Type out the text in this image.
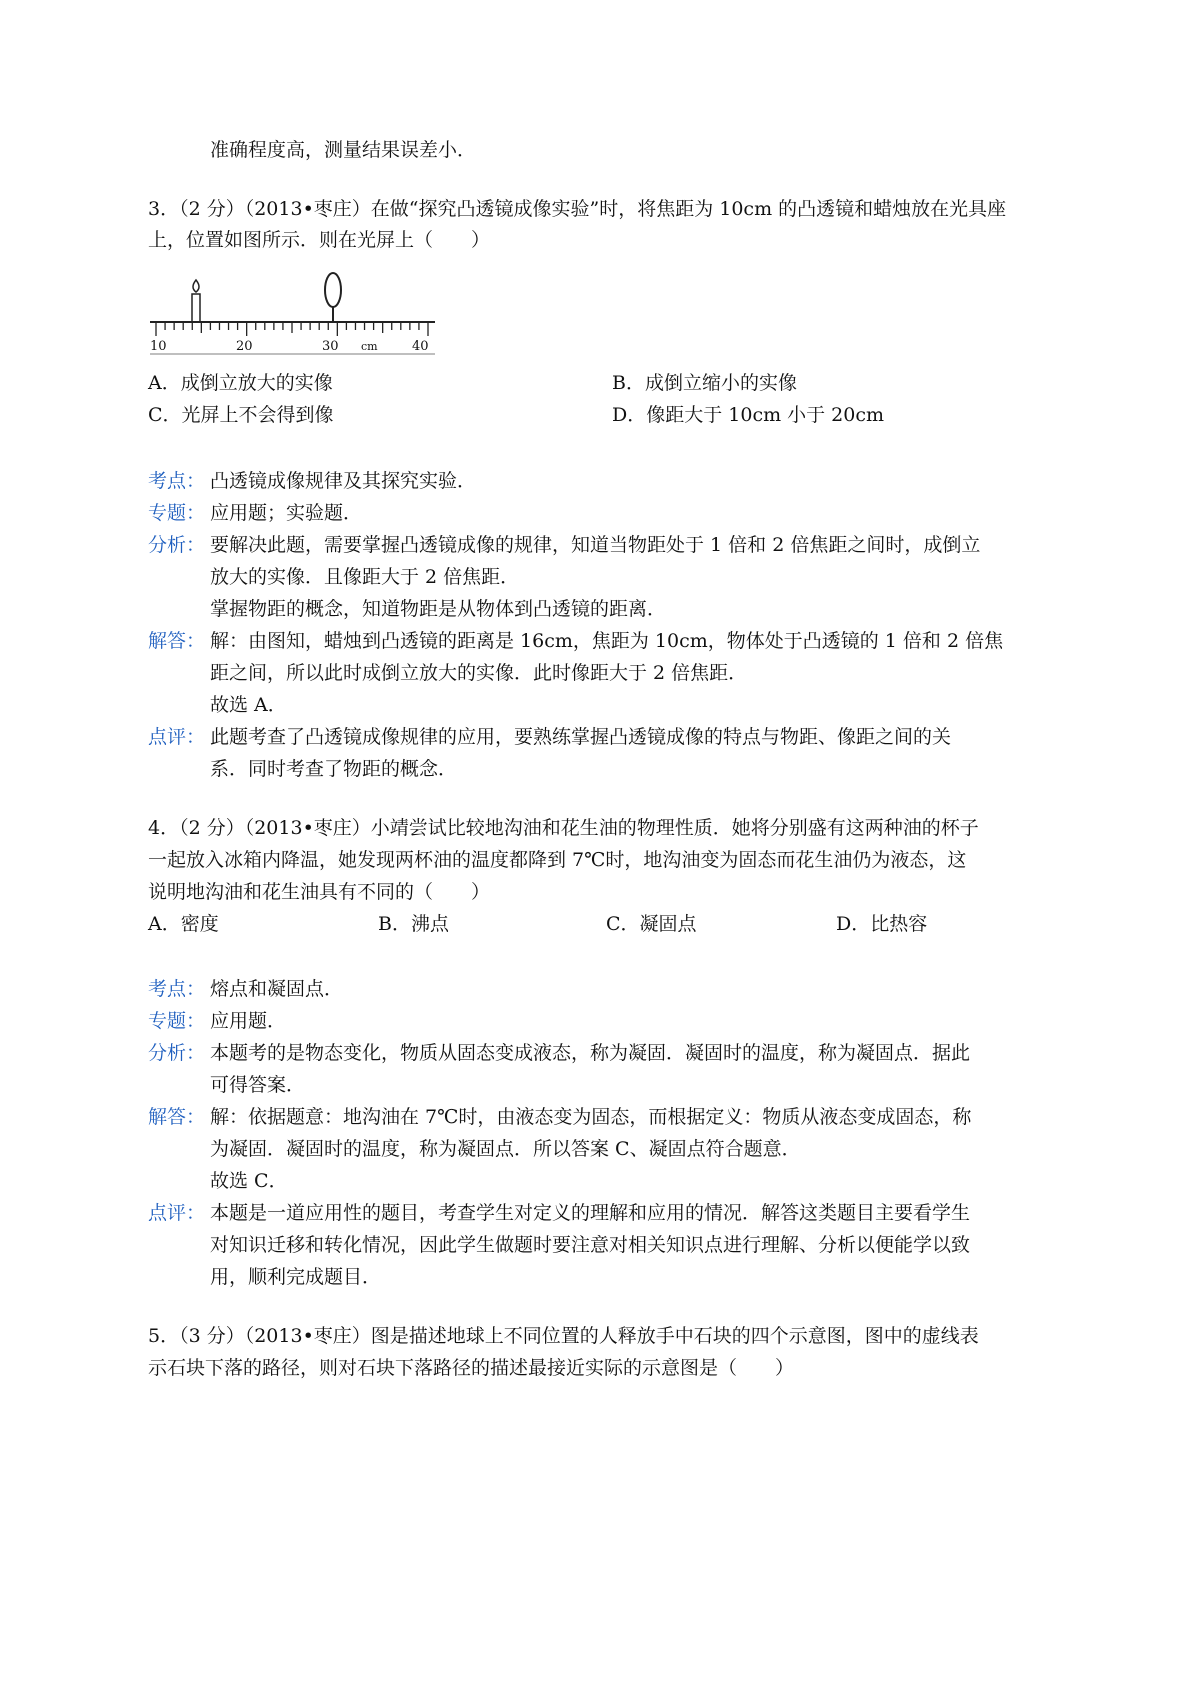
准确程度高，测量结果误差小．
3．（2 分）（2013•枣庄）在做“探究凸透镜成像实验”时，将焦距为 10cm 的凸透镜和蜡烛放在光具座
上，位置如图所示．则在光屏上（　　）
10	20	30 cm	40
A．成倒立放大的实像	B．成倒立缩小的实像
C．光屏上不会得到像	D．像距大于 10cm 小于 20cm
考点： 凸透镜成像规律及其探究实验．
专题： 应用题；实验题．
分析： 要解决此题，需要掌握凸透镜成像的规律，知道当物距处于 1 倍和 2 倍焦距之间时，成倒立
放大的实像．且像距大于 2 倍焦距．
掌握物距的概念，知道物距是从物体到凸透镜的距离．
解答： 解：由图知，蜡烛到凸透镜的距离是 16cm，焦距为 10cm，物体处于凸透镜的 1 倍和 2 倍焦
距之间，所以此时成倒立放大的实像．此时像距大于 2 倍焦距．
故选 A．
点评： 此题考查了凸透镜成像规律的应用，要熟练掌握凸透镜成像的特点与物距、像距之间的关
系．同时考查了物距的概念．
4．（2 分）（2013•枣庄）小靖尝试比较地沟油和花生油的物理性质．她将分别盛有这两种油的杯子
一起放入冰箱内降温，她发现两杯油的温度都降到 7℃时，地沟油变为固态而花生油仍为液态，这
说明地沟油和花生油具有不同的（　　）
A．密度	B．沸点	C．凝固点	D．比热容
考点： 熔点和凝固点．
专题： 应用题．
分析： 本题考的是物态变化，物质从固态变成液态，称为凝固．凝固时的温度，称为凝固点．据此
可得答案．
解答： 解：依据题意：地沟油在 7℃时，由液态变为固态，而根据定义：物质从液态变成固态，称
为凝固．凝固时的温度，称为凝固点．所以答案 C、凝固点符合题意．
故选 C．
点评： 本题是一道应用性的题目，考查学生对定义的理解和应用的情况．解答这类题目主要看学生
对知识迁移和转化情况，因此学生做题时要注意对相关知识点进行理解、分析以便能学以致
用，顺利完成题目．
5．（3 分）（2013•枣庄）图是描述地球上不同位置的人释放手中石块的四个示意图，图中的虚线表
示石块下落的路径，则对石块下落路径的描述最接近实际的示意图是（　　）
